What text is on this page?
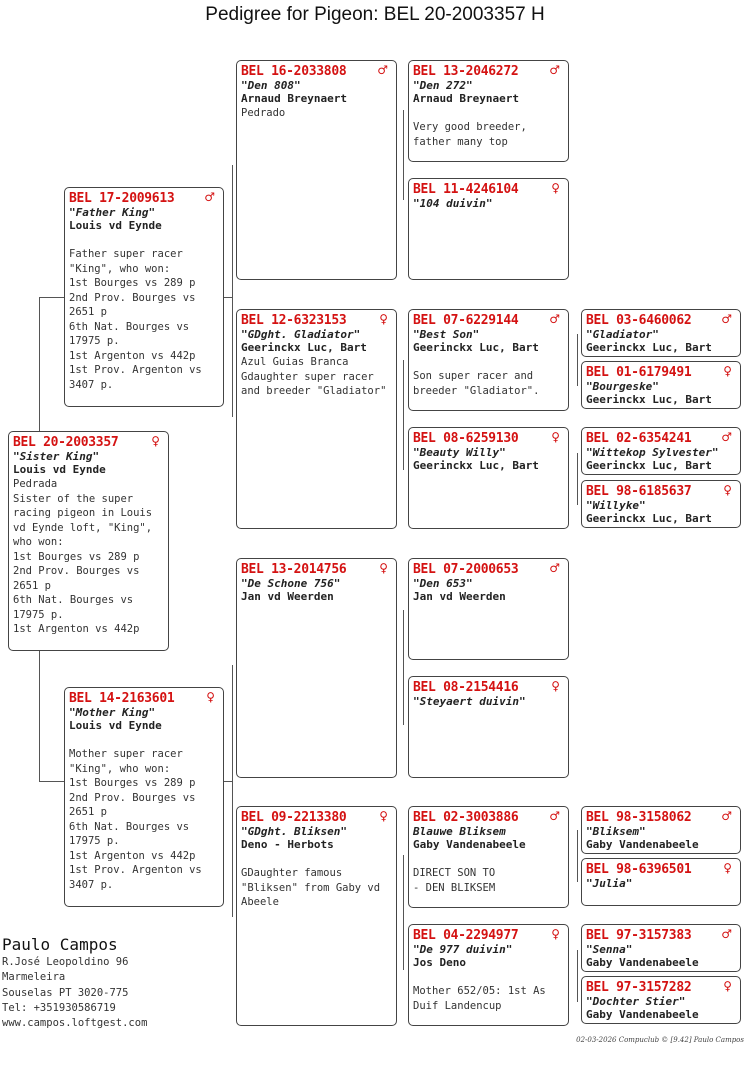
Pedigree for Pigeon: BEL 20-2003357 H
BEL 20-2003357	♀
"Sister King"
Louis vd Eynde
Pedrada
Sister of the super racing pigeon in Louis vd Eynde loft, "King", who won:
1st Bourges vs 289 p
2nd Prov. Bourges vs 2651 p
6th Nat. Bourges vs 17975 p.
1st Argenton vs 442p
BEL 17-2009613	♂
"Father King"
Louis vd Eynde
Father super racer "King", who won:
1st Bourges vs 289 p
2nd Prov. Bourges vs 2651 p
6th Nat. Bourges vs 17975 p.
1st Argenton vs 442p
1st Prov. Argenton vs 3407 p.
BEL 14-2163601	♀
"Mother King"
Louis vd Eynde
Mother super racer "King", who won:
1st Bourges vs 289 p
2nd Prov. Bourges vs 2651 p
6th Nat. Bourges vs 17975 p.
1st Argenton vs 442p
1st Prov. Argenton vs 3407 p.
BEL 16-2033808	♂
"Den 808"
Arnaud Breynaert
Pedrado
BEL 12-6323153	♀
"GDght. Gladiator"
Geerinckx Luc, Bart
Azul Guias Branca
Gdaughter super racer and breeder "Gladiator"
BEL 13-2014756	♀
"De Schone 756"
Jan vd Weerden
BEL 09-2213380	♀
"GDght. Bliksen"
Deno - Herbots
GDaughter famous "Bliksen" from Gaby vd Abeele
BEL 13-2046272	♂
"Den 272"
Arnaud Breynaert
Very good breeder, father many top
BEL 11-4246104	♀
"104 duivin"
BEL 07-6229144	♂
"Best Son"
Geerinckx Luc, Bart
Son super racer and breeder "Gladiator".
BEL 08-6259130	♀
"Beauty Willy"
Geerinckx Luc, Bart
BEL 07-2000653	♂
"Den 653"
Jan vd Weerden
BEL 08-2154416	♀
"Steyaert duivin"
BEL 02-3003886	♂
Blauwe Bliksem
Gaby Vandenabeele
DIRECT SON TO
- DEN BLIKSEM
BEL 04-2294977	♀
"De 977 duivin"
Jos Deno
Mother 652/05: 1st As Duif Landencup
BEL 03-6460062	♂
"Gladiator"
Geerinckx Luc, Bart
BEL 01-6179491	♀
"Bourgeske"
Geerinckx Luc, Bart
BEL 02-6354241	♂
"Wittekop Sylvester"
Geerinckx Luc, Bart
BEL 98-6185637	♀
"Willyke"
Geerinckx Luc, Bart
BEL 98-3158062	♂
"Bliksem"
Gaby Vandenabeele
BEL 98-6396501	♀
"Julia"
BEL 97-3157383	♂
"Senna"
Gaby Vandenabeele
BEL 97-3157282	♀
"Dochter Stier"
Gaby Vandenabeele
Paulo Campos
R.José Leopoldino 96
Marmeleira
Souselas PT 3020-775
Tel: +351930586719
www.campos.loftgest.com
02-03-2026 Compuclub © [9.42] Paulo Campos
